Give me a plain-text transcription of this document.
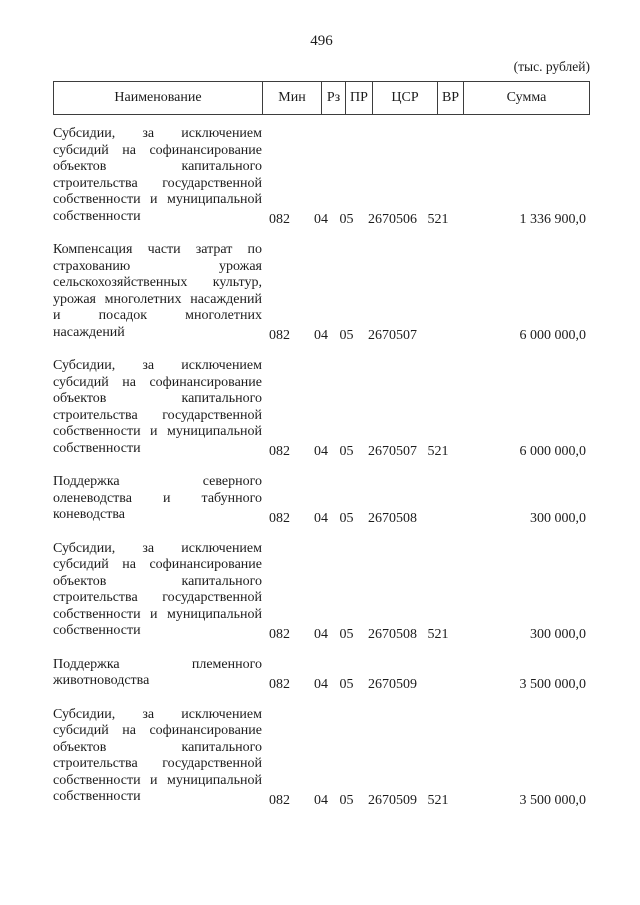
496
(тыс. рублей)
Наименование	Мин	Рз ПР	ЦСР	ВР	Сумма
Субсидии, за исключением
субсидий на софинансирование
объектов капитального
строительства государственной
собственности и муниципальной
собственности	082	04 05	2670506 521	1 336 900,0
Компенсация части затрат по
страхованию урожая
сельскохозяйственных культур,
урожая многолетних насаждений
и посадок многолетних
насаждений	082	04 05	2670507	6 000 000,0
Субсидии, за исключением
субсидий на софинансирование
объектов капитального
строительства государственной
собственности и муниципальной
собственности	082	04 05	2670507 521	6 000 000,0
Поддержка северного
оленеводства и табунного
коневодства	082	04 05	2670508	300 000,0
Субсидии, за исключением
субсидий на софинансирование
объектов капитального
строительства государственной
собственности и муниципальной
собственности	082	04 05	2670508 521	300 000,0
Поддержка племенного
животноводства	082	04 05	2670509	3 500 000,0
Субсидии, за исключением
субсидий на софинансирование
объектов капитального
строительства государственной
собственности и муниципальной
собственности	082	04 05	2670509 521	3 500 000,0
